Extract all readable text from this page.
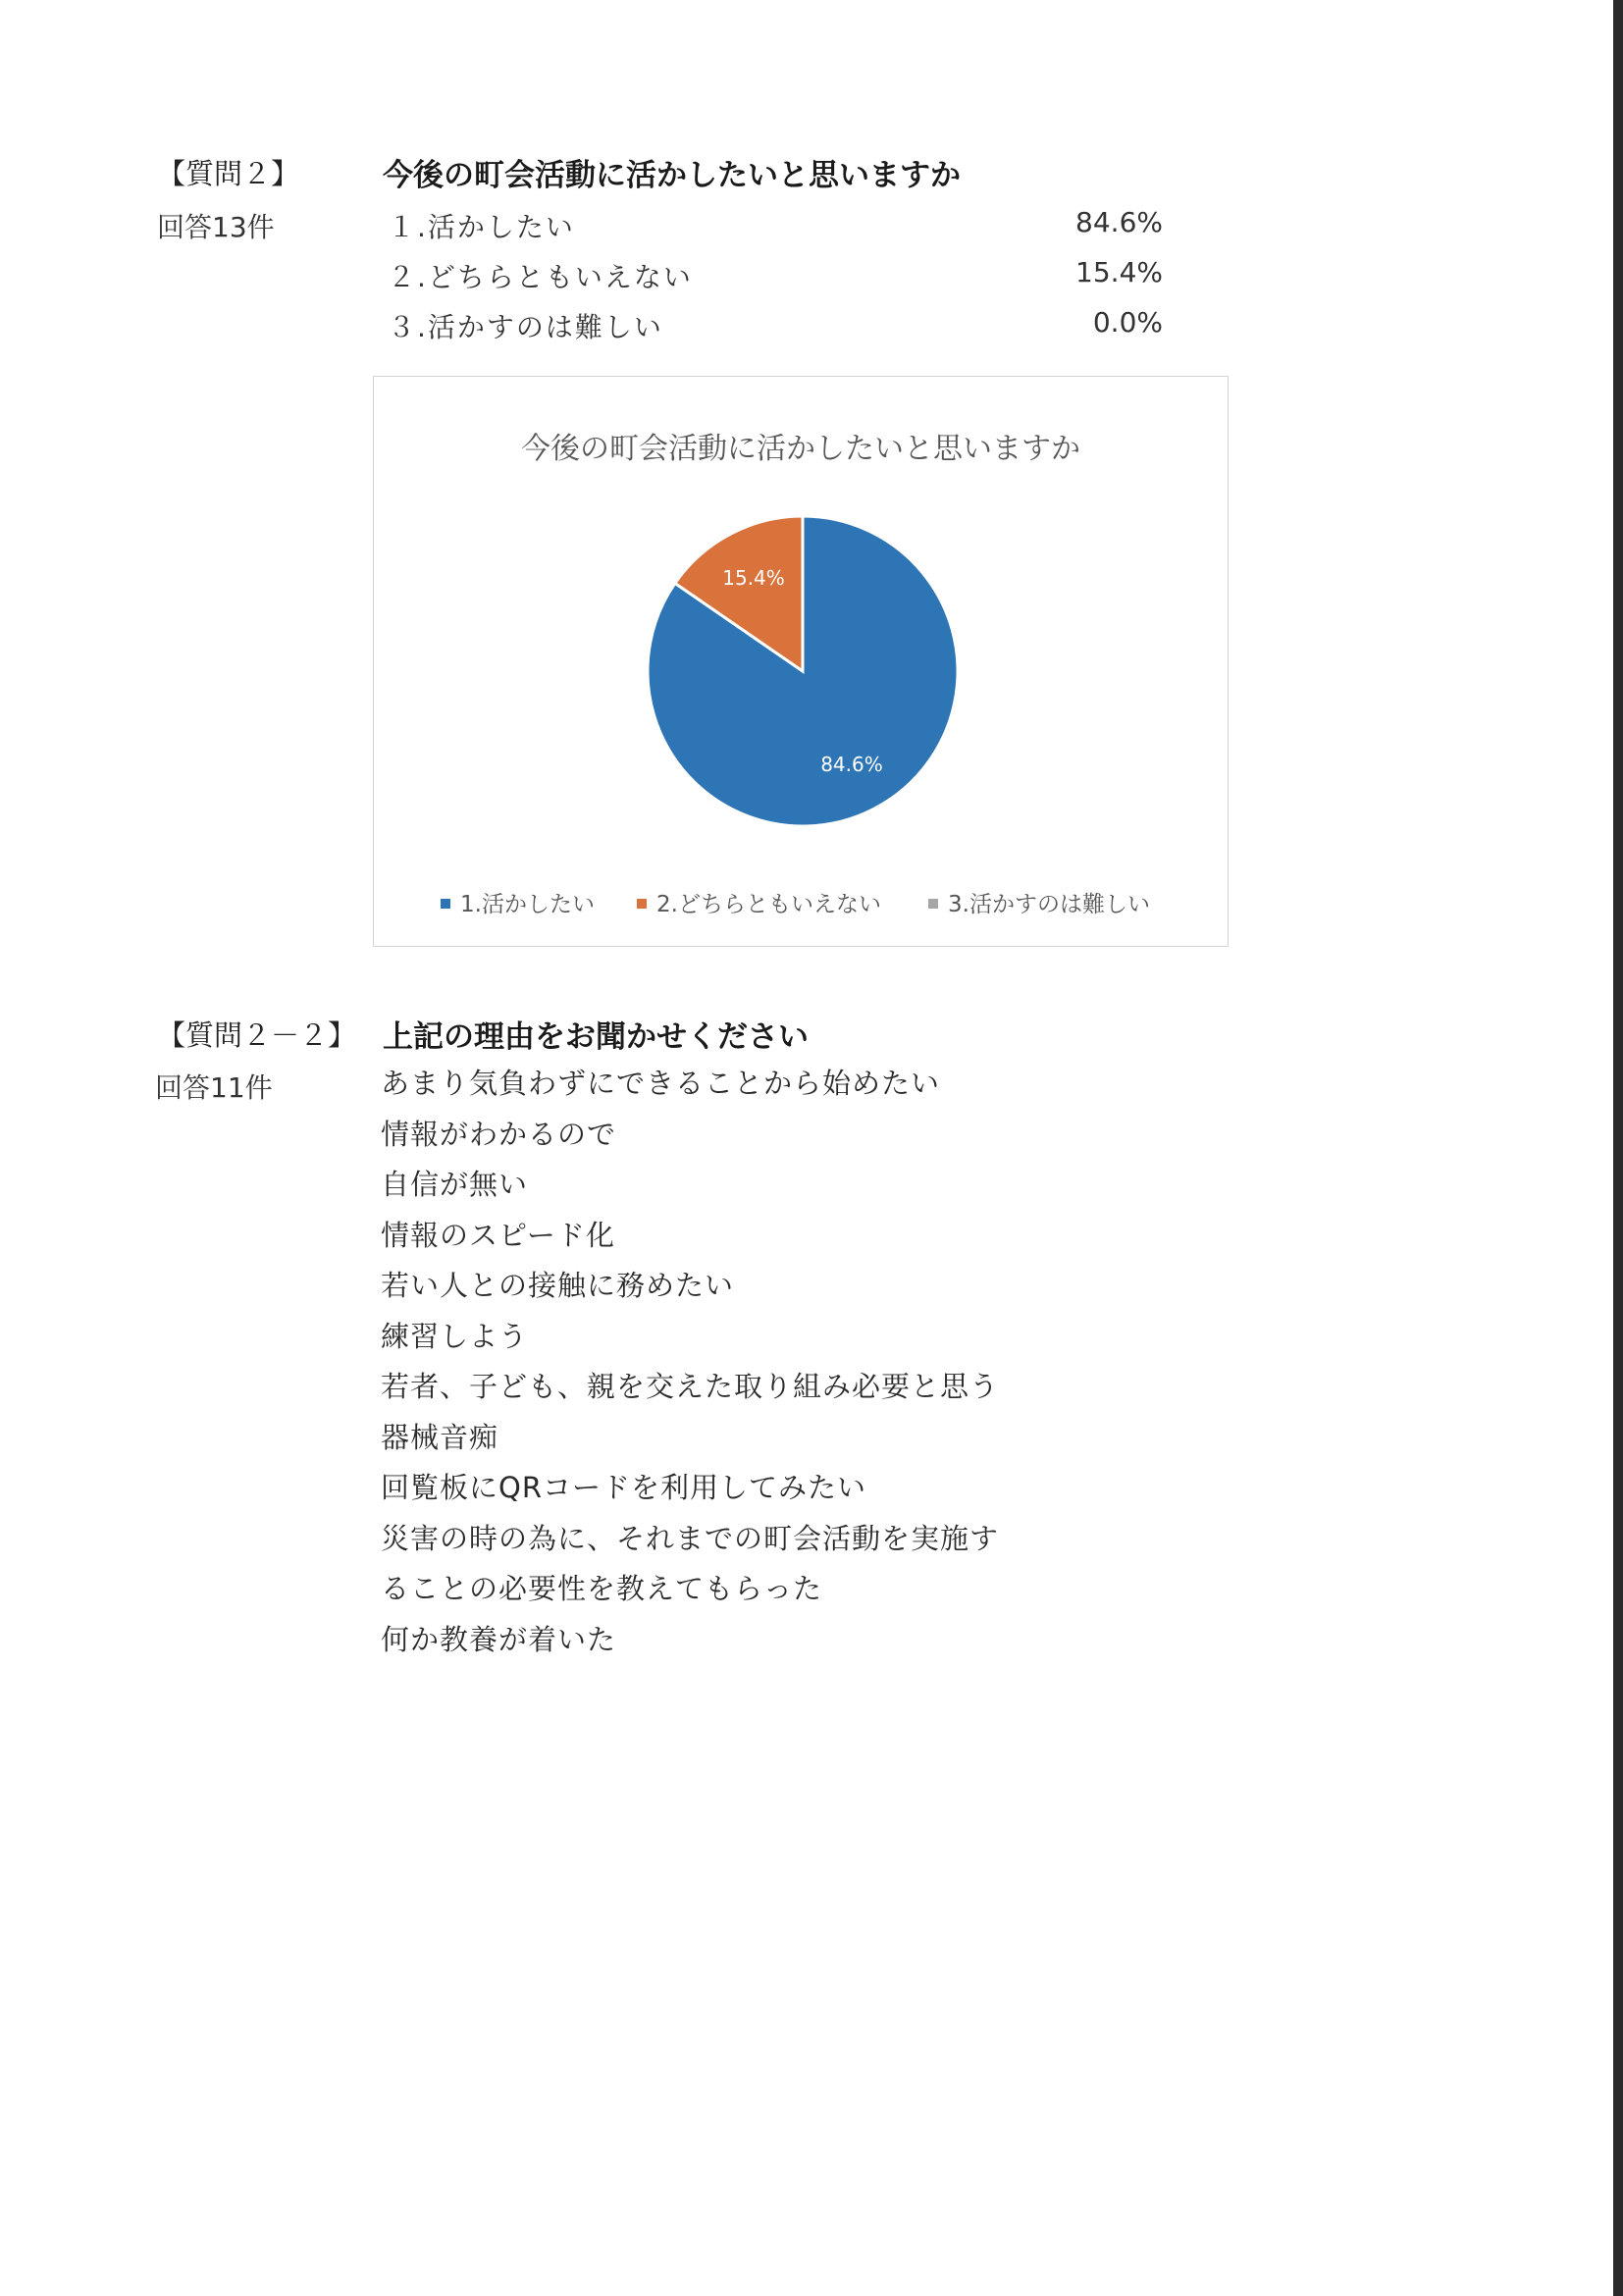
【質問２】	今後の町会活動に活かしたいと思いますか
回答13件	１.活かしたい	84.6%
２.どちらともいえない	15.4%
３.活かすのは難しい	0.0%
今後の町会活動に活かしたいと思いますか
84.6%
15.4%
1.活かしたい	2.どちらともいえない	3.活かすのは難しい
【質問２－２】 上記の理由をお聞かせください
回答11件	あまり気負わずにできることから始めたい
情報がわかるので
自信が無い
情報のスピード化
若い人との接触に務めたい
練習しよう
若者、子ども、親を交えた取り組み必要と思う
器械音痴
回覧板にQRコードを利用してみたい
災害の時の為に、それまでの町会活動を実施す
ることの必要性を教えてもらった
何か教養が着いた
